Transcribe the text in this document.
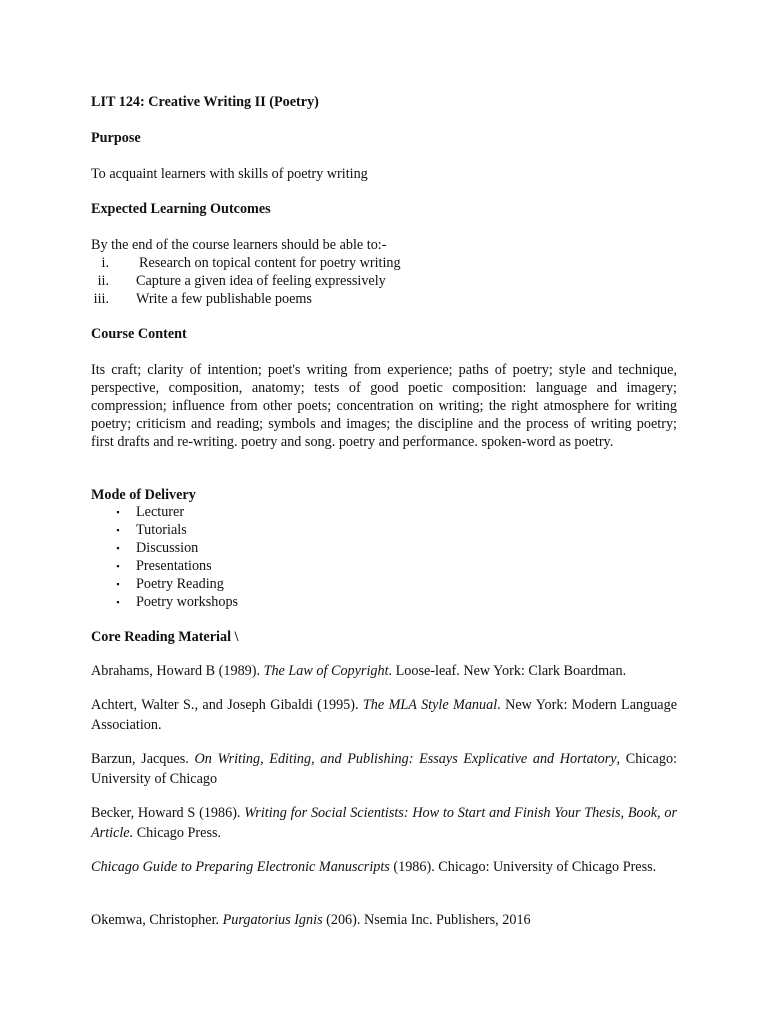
LIT 124: Creative Writing II (Poetry)
Purpose
To acquaint learners with skills of poetry writing
Expected Learning Outcomes
By the end of the course learners should be able to:-
i. Research on topical content for poetry writing
ii. Capture a given idea of feeling expressively
iii. Write a few publishable poems
Course Content
Its craft; clarity of intention; poet's writing from experience; paths of poetry; style and technique, perspective, composition, anatomy; tests of good poetic composition: language and imagery; compression; influence from other poets; concentration on writing; the right atmosphere for writing poetry; criticism and reading; symbols and images; the discipline and the process of writing poetry; first drafts and re-writing. poetry and song. poetry and performance. spoken-word as poetry.
Mode of Delivery
▪ Lecturer
▪ Tutorials
▪ Discussion
▪ Presentations
▪ Poetry Reading
▪ Poetry workshops
Core Reading Material \
Abrahams, Howard B (1989). The Law of Copyright. Loose-leaf. New York: Clark Boardman.
Achtert, Walter S., and Joseph Gibaldi (1995). The MLA Style Manual. New York: Modern Language Association.
Barzun, Jacques. On Writing, Editing, and Publishing: Essays Explicative and Hortatory, Chicago: University of Chicago
Becker, Howard S (1986). Writing for Social Scientists: How to Start and Finish Your Thesis, Book, or Article. Chicago Press.
Chicago Guide to Preparing Electronic Manuscripts (1986). Chicago: University of Chicago Press.
Okemwa, Christopher. Purgatorius Ignis (206). Nsemia Inc. Publishers, 2016
